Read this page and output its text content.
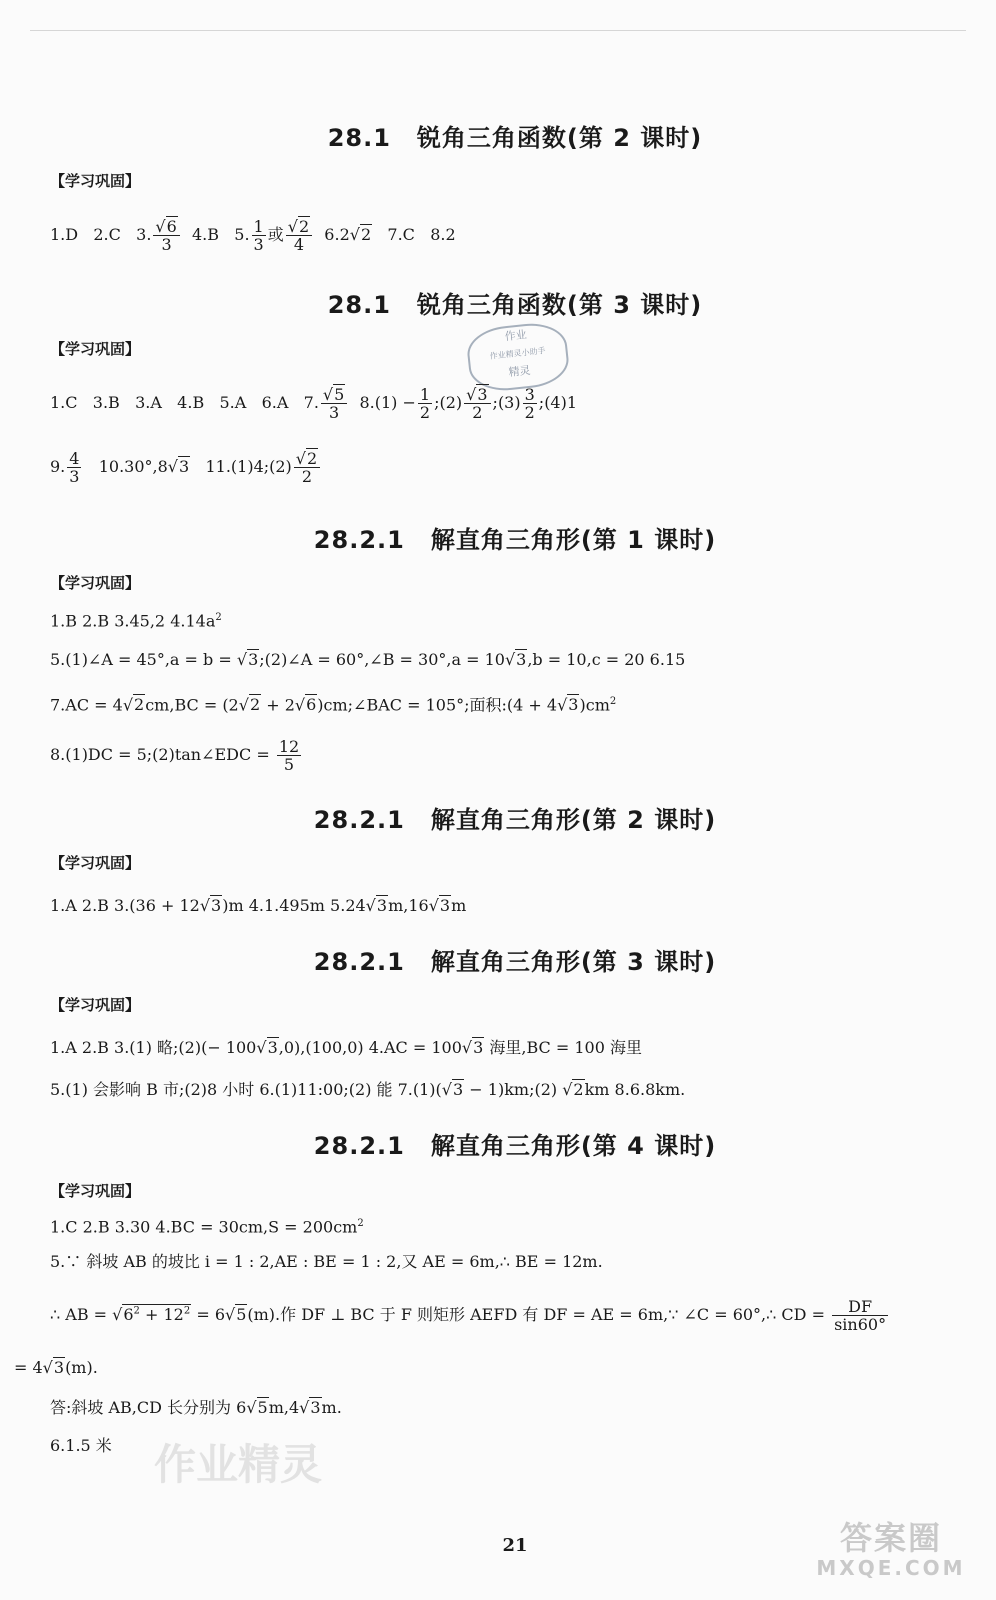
28.1 锐角三角函数(第 2 课时)
【学习巩固】
1.D 2.C 3. $\frac{√6}{3} 4.B$ 5. $\frac{1}{3}$ 或 $\frac{√2}{4} 6.2√2$ 7.C 8.2
28.1 锐角三角函数(第 3 课时)
作业
作业精灵小助手
精灵
【学习巩固】
1.C 3.B 3.A 4.B 5.A 6.A 7. $\frac{√5}{3} 8.(1) - \frac{1}{2}$ ;(2) $\frac{√3}{2}$ ;(3) $\frac{3}{2}$ ;(4)1
9. $\frac{4}{3} 10.30^\circ,8√3$ 11.(1)4;(2) $\frac{√2}{2}$
28.2.1 解直角三角形(第 1 课时)
【学习巩固】
1.B 2.B 3.45,2 $4.14a^2$
5.(1)∠A = 45°,a = b = √3;(2)∠A = 60°,∠B = 30°,a = 10√3,b = 10,c = 20 6.15
7.AC = 4√2cm,BC = (2√2 + 2√6)cm;∠BAC = 105°;面积:(4 + $4√3)cm^2$
8.(1)DC = 5;(2)tan∠EDC = $\frac{12}{5}$
28.2.1 解直角三角形(第 2 课时)
【学习巩固】
1.A 2.B 3.(36 + 12√3)m 4.1.495m 5.24√3m,16√3m
28.2.1 解直角三角形(第 3 课时)
【学习巩固】
1.A 2.B 3.(1) 略;(2)(− 100√3,0),(100,0) 4.AC = 100√3 海里,BC = 100 海里
5.(1) 会影响 B 市;(2)8 小时 6.(1)11:00;(2) 能 7.(1)(√3 − 1)km;(2) √2km 8.6.8km.
28.2.1 解直角三角形(第 4 课时)
【学习巩固】
1.C 2.B 3.30 $4.BC = 30cm,S = 200cm^2$
5.∵ 斜坡 AB 的坡比 i = 1 : 2,AE : BE = 1 : 2,又 AE = 6m,∴ BE = 12m.
∴ AB = $√6^2 + 12^2 = 6√5(m)$.作 DF ⊥ BC 于 F 则矩形 AEFD 有 DF = AE = 6m,∵ ∠C = 60°,∴ CD = $\frac{DF}{\sin 60^\circ}$
= 4√3(m).
答:斜坡 AB,CD 长分别为 6√5m,4√3m.
6.1.5 米 作业精灵
21	答案圈
MXQE.COM
